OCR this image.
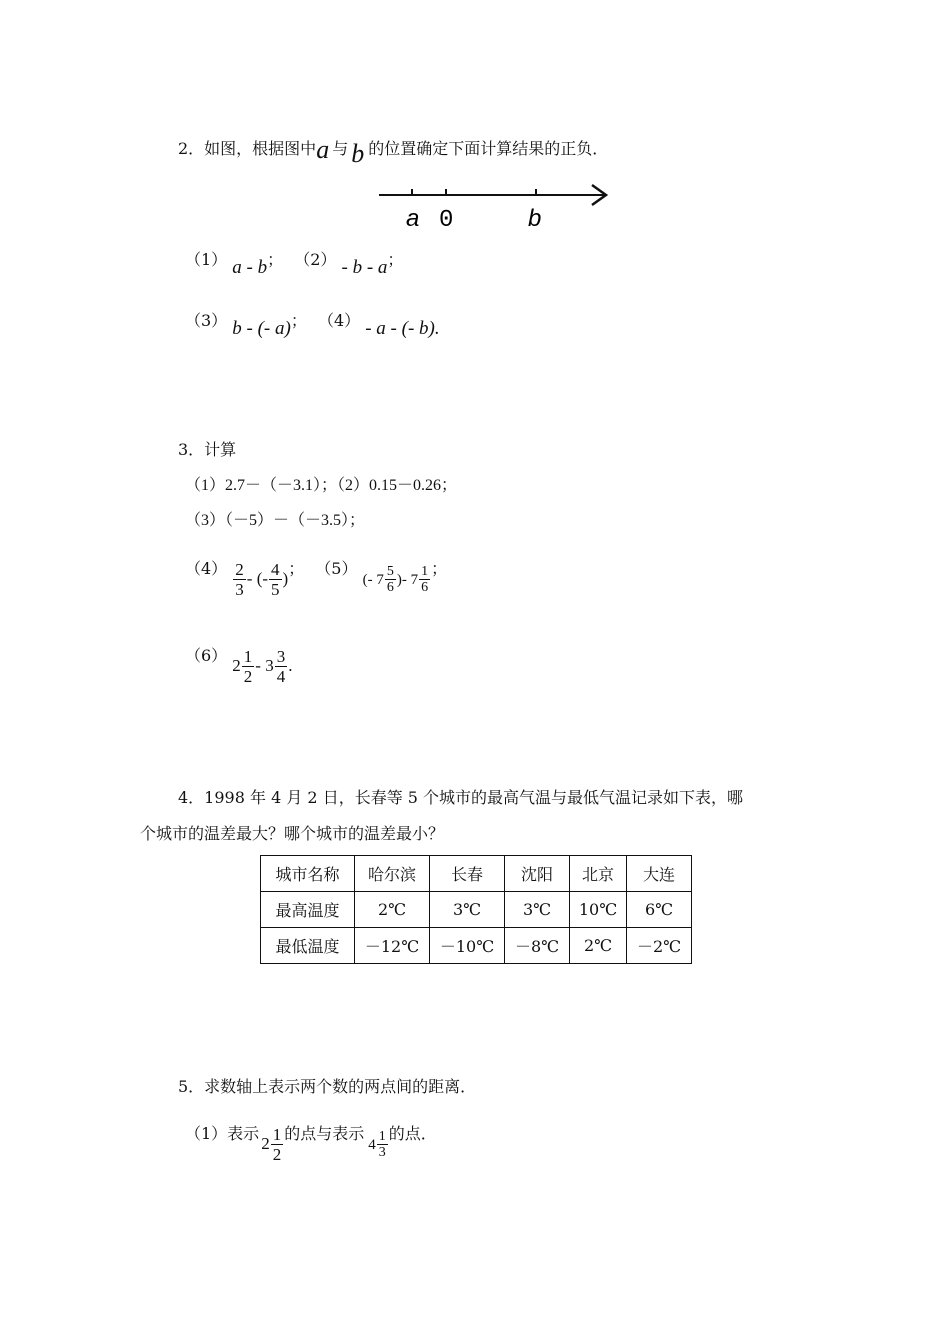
2．如图，根据图中a 与 b 的位置确定下面计算结果的正负．
a 0	b
（1） a - b； （2） - b - a；
（3） b - (- a)； （4） - a - (- b).
3．计算
（1）2.7－（－3.1）；（2）0.15－0.26；
（3）（－5）－（－3.5）；
$(4) \frac{2}{3}$ - (- $\frac{4}{5}$ )； （5） (- $7 \frac{5}{6}$ )- $7 \frac{1}{6}$ ；
（6） $2 \frac{1}{2} - 3 \frac{3}{4}$ .
4．1998 年 4 月 2 日，长春等 5 个城市的最高气温与最低气温记录如下表，哪
个城市的温差最大？哪个城市的温差最小？
城市名称	哈尔滨	长春	沈阳	北京	大连
最高温度	2℃	3℃	3℃	10℃	6℃
最低温度	－12℃	－10℃	－8℃	2℃	－2℃
5．求数轴上表示两个数的两点间的距离．
（1）表示$2 \frac{1}{2}$ 的点与表示$4 \frac{1}{3}$ 的点．
